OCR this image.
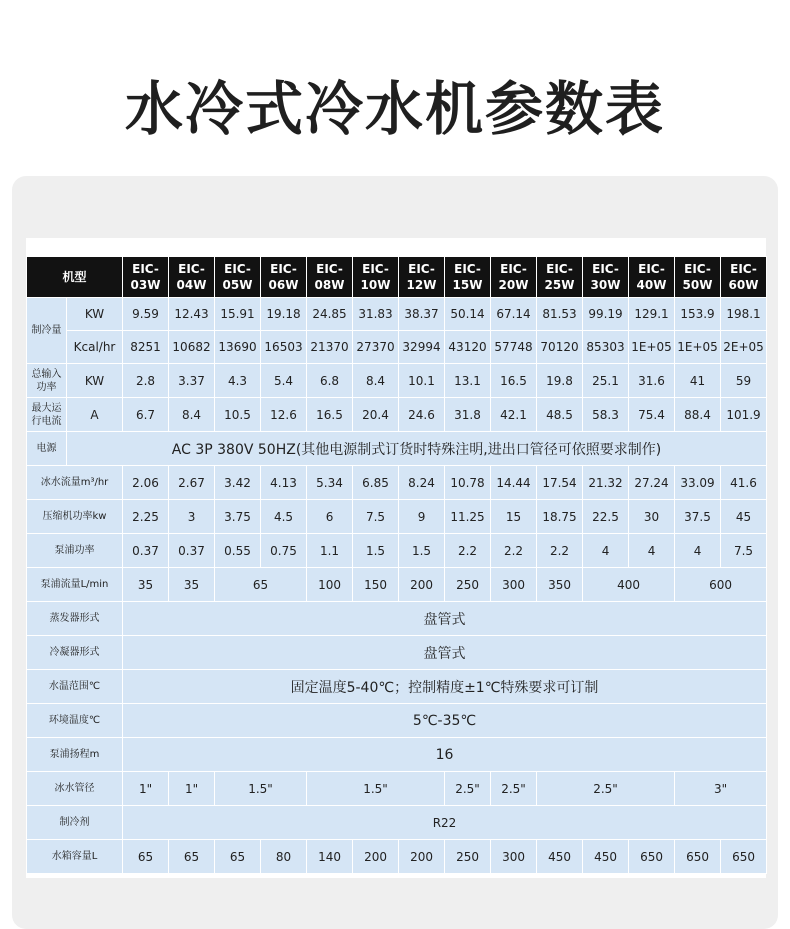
水冷式冷水机参数表
机型		EIC-03W	EIC-04W	EIC-05W	EIC-06W	EIC-08W	EIC-10W	EIC-12W	EIC-15W	EIC-20W	EIC-25W	EIC-30W	EIC-40W	EIC-50W	EIC-60W
制冷量	KW	9.59	12.43	15.91	19.18	24.85	31.83	38.37	50.14	67.14	81.53	99.19	129.1	153.9	198.1
	Kcal/hr	8251	10682	13690	16503	21370	27370	32994	43120	57748	70120	85303	1E+05	1E+05	2E+05
总输入功率	KW	2.8	3.37	4.3	5.4	6.8	8.4	10.1	13.1	16.5	19.8	25.1	31.6	41	59
最大运行电流	A	6.7	8.4	10.5	12.6	16.5	20.4	24.6	31.8	42.1	48.5	58.3	75.4	88.4	101.9
电源	AC 3P 380V 50HZ(其他电源制式订货时特殊注明,进出口管径可依照要求制作)														
冰水流量m³/hr		2.06	2.67	3.42	4.13	5.34	6.85	8.24	10.78	14.44	17.54	21.32	27.24	33.09	41.6
压缩机功率kw		2.25	3	3.75	4.5	6	7.5	9	11.25	15	18.75	22.5	30	37.5	45
泵浦功率		0.37	0.37	0.55	0.75	1.1	1.5	1.5	2.2	2.2	2.2	4	4	4	7.5
泵浦流量L/min		35	35	65		100	150	200	250	300	350	400		600	
蒸发器形式		盘管式													
冷凝器形式		盘管式													
水温范围℃		固定温度5-40℃；控制精度±1℃特殊要求可订制													
环境温度℃		5℃-35℃													
泵浦扬程m		16													
冰水管径		1"	1"	1.5"		1.5"			2.5"	2.5"	2.5"			3"	
制冷剂		R22													
水箱容量L		65	65	65	80	140	200	200	250	300	450	450	650	650	650
